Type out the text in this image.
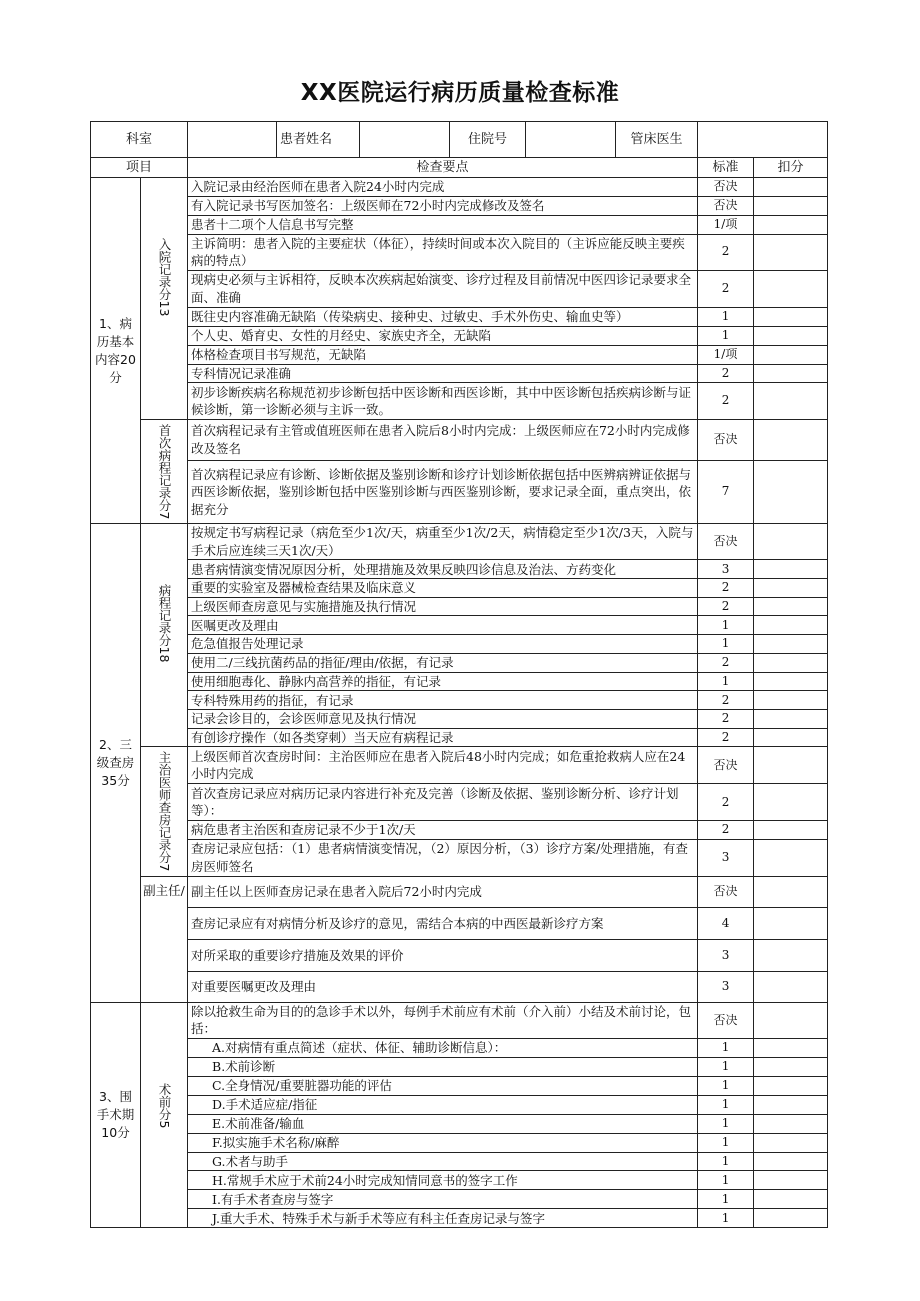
XX医院运行病历质量检查标准
科室			患者姓名		住院号		管床医生		
项目		检查要点						标准	扣分
1、病历基本内容20分	入院记录分13	入院记录由经治医师在患者入院24小时内完成						否决	
		有入院记录书写医加签名：上级医师在72小时内完成修改及签名						否决	
		患者十二项个人信息书写完整						1/项	
		主诉简明：患者入院的主要症状（体征），持续时间或本次入院目的（主诉应能反映主要疾病的特点）						2	
		现病史必须与主诉相符，反映本次疾病起始演变、诊疗过程及目前情况中医四诊记录要求全面、准确						2	
		既往史内容准确无缺陷（传染病史、接种史、过敏史、手术外伤史、输血史等）						1	
		个人史、婚育史、女性的月经史、家族史齐全，无缺陷						1	
		体格检查项目书写规范，无缺陷						1/项	
		专科情况记录准确						2	
		初步诊断疾病名称规范初步诊断包括中医诊断和西医诊断，其中中医诊断包括疾病诊断与证候诊断，第一诊断必须与主诉一致。						2	
	首次病程记录分7	首次病程记录有主管或值班医师在患者入院后8小时内完成：上级医师应在72小时内完成修改及签名						否决	
		首次病程记录应有诊断、诊断依据及鉴别诊断和诊疗计划诊断依据包括中医辨病辨证依据与西医诊断依据，鉴别诊断包括中医鉴别诊断与西医鉴别诊断，要求记录全面，重点突出，依据充分						7	
2、三级查房35分	病程记录分18	按规定书写病程记录（病危至少1次/天，病重至少1次/2天，病情稳定至少1次/3天，入院与手术后应连续三天1次/天）						否决	
		患者病情演变情况原因分析，处理措施及效果反映四诊信息及治法、方药变化						3	
		重要的实验室及器械检查结果及临床意义						2	
		上级医师查房意见与实施措施及执行情况						2	
		医嘱更改及理由						1	
		危急值报告处理记录						1	
		使用二/三线抗菌药品的指征/理由/依据，有记录						2	
		使用细胞毒化、静脉内高营养的指征，有记录						1	
		专科特殊用药的指征，有记录						2	
		记录会诊目的，会诊医师意见及执行情况						2	
		有创诊疗操作（如各类穿刺）当天应有病程记录						2	
	主治医师查房记录分7	上级医师首次查房时间：主治医师应在患者入院后48小时内完成；如危重抢救病人应在24小时内完成						否决	
		首次查房记录应对病历记录内容进行补充及完善（诊断及依据、鉴别诊断分析、诊疗计划等）：						2	
		病危患者主治医和查房记录不少于1次/天						2	
		查房记录应包括：（1）患者病情演变情况，（2）原因分析，（3）诊疗方案/处理措施，有查房医师签名						3	
	副主任/	副主任以上医师查房记录在患者入院后72小时内完成						否决	
		查房记录应有对病情分析及诊疗的意见，需结合本病的中西医最新诊疗方案						4	
		对所采取的重要诊疗措施及效果的评价						3	
		对重要医嘱更改及理由						3	
3、围手术期10分	术前分5	除以抢救生命为目的的急诊手术以外，每例手术前应有术前（介入前）小结及术前讨论，包括：						否决	
		A.对病情有重点简述（症状、体征、辅助诊断信息）：						1	
		B.术前诊断						1	
		C.全身情况/重要脏器功能的评估						1	
		D.手术适应症/指征						1	
		E.术前准备/输血						1	
		F.拟实施手术名称/麻醉						1	
		G.术者与助手						1	
		H.常规手术应于术前24小时完成知情同意书的签字工作						1	
		I.有手术者查房与签字						1	
		J.重大手术、特殊手术与新手术等应有科主任查房记录与签字						1	
